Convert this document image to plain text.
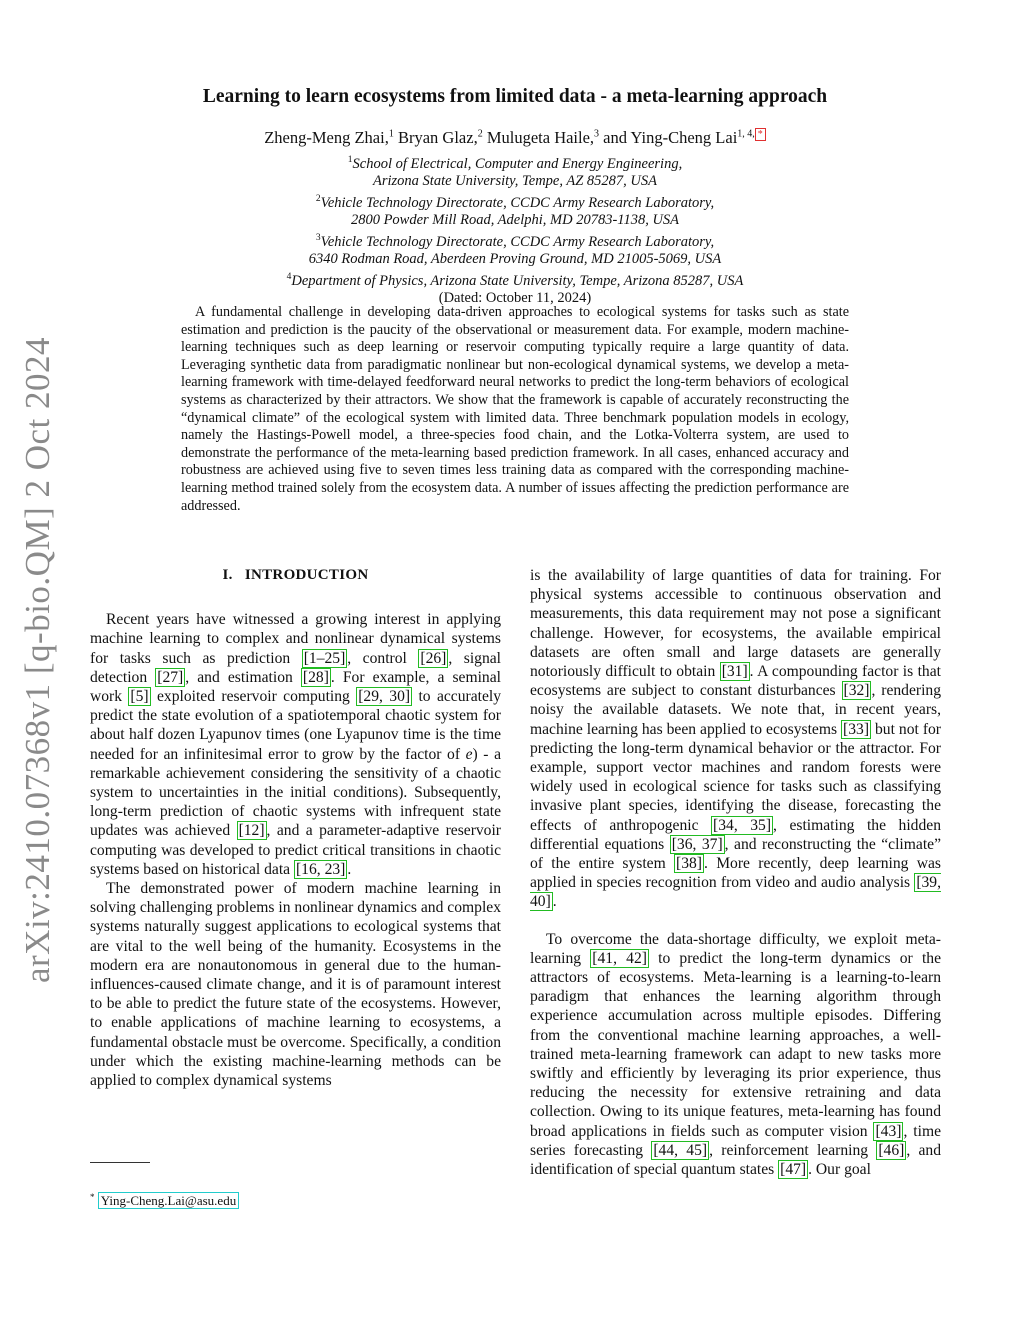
arXiv:2410.07368v1 [q-bio.QM] 2 Oct 2024
Learning to learn ecosystems from limited data - a meta-learning approach
Zheng-Meng Zhai,$^1$ Bryan Glaz,$^2$ Mulugeta Haile,$^3$ and Ying-Cheng Lai$^{1, 4,}$ *
$^1$School of Electrical, Computer and Energy Engineering,
Arizona State University, Tempe, AZ 85287, USA
$^2$Vehicle Technology Directorate, CCDC Army Research Laboratory,
2800 Powder Mill Road, Adelphi, MD 20783-1138, USA
$^3$Vehicle Technology Directorate, CCDC Army Research Laboratory,
6340 Rodman Road, Aberdeen Proving Ground, MD 21005-5069, USA
$^4$Department of Physics, Arizona State University, Tempe, Arizona 85287, USA
(Dated: October 11, 2024)
A fundamental challenge in developing data-driven approaches to ecological systems for tasks such as state estimation and prediction is the paucity of the observational or measurement data. For example, modern machine-learning techniques such as deep learning or reservoir computing typically require a large quantity of data. Leveraging synthetic data from paradigmatic nonlinear but non-ecological dynamical systems, we develop a meta-learning framework with time-delayed feedforward neural networks to predict the long-term behaviors of ecological systems as characterized by their attractors. We show that the framework is capable of accurately reconstructing the “dynamical climate” of the ecological system with limited data. Three benchmark population models in ecology, namely the Hastings-Powell model, a three-species food chain, and the Lotka-Volterra system, are used to demonstrate the performance of the meta-learning based prediction framework. In all cases, enhanced accuracy and robustness are achieved using five to seven times less training data as compared with the corresponding machine-learning method trained solely from the ecosystem data. A number of issues affecting the prediction performance are addressed.
I. INTRODUCTION

Recent years have witnessed a growing interest in applying machine learning to complex and nonlinear dynamical systems for tasks such as prediction [1–25] , control [26] , signal detection [27] , and estimation [28] . For example, a seminal work [5] exploited reservoir computing [29, 30] to accurately predict the state evolution of a spatiotemporal chaotic system for about half dozen Lyapunov times (one Lyapunov time is the time needed for an infinitesimal error to grow by the factor of e) - a remarkable achievement considering the sensitivity of a chaotic system to uncertainties in the initial conditions). Subsequently, long-term prediction of chaotic systems with infrequent state updates was achieved [12] , and a parameter-adaptive reservoir computing was developed to predict critical transitions in chaotic systems based on historical data [16, 23] .

The demonstrated power of modern machine learning in solving challenging problems in nonlinear dynamics and complex systems naturally suggest applications to ecological systems that are vital to the well being of the humanity. Ecosystems in the modern era are nonautonomous in general due to the human-influences-caused climate change, and it is of paramount interest to be able to predict the future state of the ecosystems. However, to enable applications of machine learning to ecosystems, a fundamental obstacle must be overcome. Specifically, a condition under which the existing machine-learning methods can be applied to complex dynamical systems

is the availability of large quantities of data for training. For physical systems accessible to continuous observation and measurements, this data requirement may not pose a significant challenge. However, for ecosystems, the available empirical datasets are often small and large datasets are generally notoriously difficult to obtain [31] . A compounding factor is that ecosystems are subject to constant disturbances [32] , rendering noisy the available datasets. We note that, in recent years, machine learning has been applied to ecosystems [33] but not for predicting the long-term dynamical behavior or the attractor. For example, support vector machines and random forests were widely used in ecological science for tasks such as classifying invasive plant species, identifying the disease, forecasting the effects of anthropogenic [34, 35] , estimating the hidden differential equations [36, 37] , and reconstructing the “climate” of the entire system [38] . More recently, deep learning was applied in species recognition from video and audio analysis [39, 40] .

To overcome the data-shortage difficulty, we exploit meta-learning [41, 42] to predict the long-term dynamics or the attractors of ecosystems. Meta-learning is a learning-to-learn paradigm that enhances the learning algorithm through experience accumulation across multiple episodes. Differing from the conventional machine learning approaches, a well-trained meta-learning framework can adapt to new tasks more swiftly and efficiently by leveraging its prior experience, thus reducing the necessity for extensive retraining and data collection. Owing to its unique features, meta-learning has found broad applications in fields such as computer vision [43] , time series forecasting [44, 45] , reinforcement learning [46] , and identification of special quantum states [47] . Our goal

* Ying-Cheng.Lai@asu.edu
